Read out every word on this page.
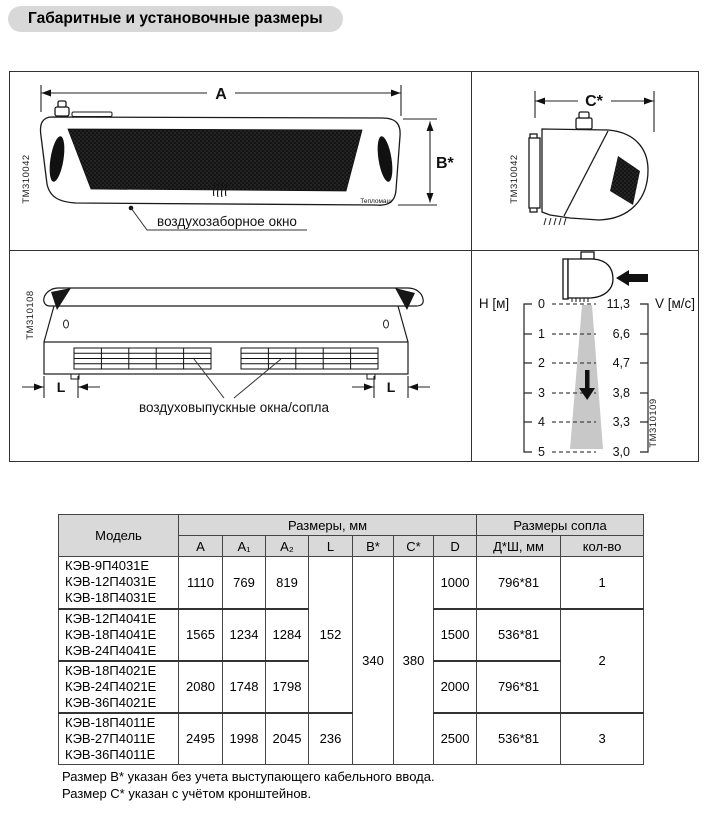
Габаритные и установочные размеры
A
Тепломаш
B*
TM310042
воздухозаборное окно
C*
TM310042
L	L
воздуховыпускные окна/сопла
TM310108	H [м]	V [м/с]
0
1
2
3
4
5
11,3
6,6
4,7
3,8
3,3
3,0
TM310109
Модель	Размеры, мм							Размеры сопла	
	A	A₁	A₂	L	B*	C*	D	Д*Ш, мм	кол-во

КЭВ-9П4031Е
КЭВ-12П4031Е
КЭВ-18П4031Е	1110	769	819	152	340	380	1000	796*81	1

КЭВ-12П4041Е
КЭВ-18П4041Е
КЭВ-24П4041Е	1565	1234	1284				1500	536*81	2

КЭВ-18П4021Е
КЭВ-24П4021Е
КЭВ-36П4021Е	2080	1748	1798				2000	796*81	

КЭВ-18П4011Е
КЭВ-27П4011Е
КЭВ-36П4011Е	2495	1998	2045	236			2500	536*81	3
Размер В* указан без учета выступающего кабельного ввода.
Размер С* указан с учётом кронштейнов.
